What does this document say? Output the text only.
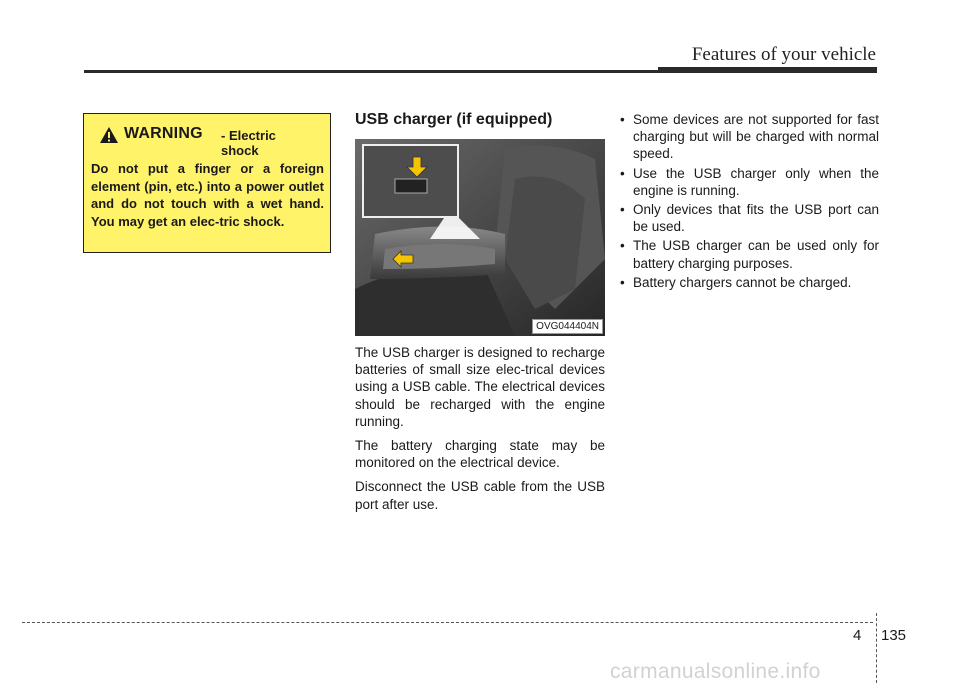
Features of your vehicle
WARNING - Electric shock
Do not put a finger or a foreign element (pin, etc.) into a power outlet and do not touch with a wet hand. You may get an elec-tric shock.
USB charger (if equipped)
OVG044404N

The USB charger is designed to recharge batteries of small size elec-trical devices using a USB cable. The electrical devices should be recharged with the engine running.

The battery charging state may be monitored on the electrical device.

Disconnect the USB cable from the USB port after use.

• Some devices are not supported for fast charging but will be charged with normal speed.
• Use the USB charger only when the engine is running.
• Only devices that fits the USB port can be used.
• The USB charger can be used only for battery charging purposes.
• Battery chargers cannot be charged.
4 135
carmanualsonline.info
